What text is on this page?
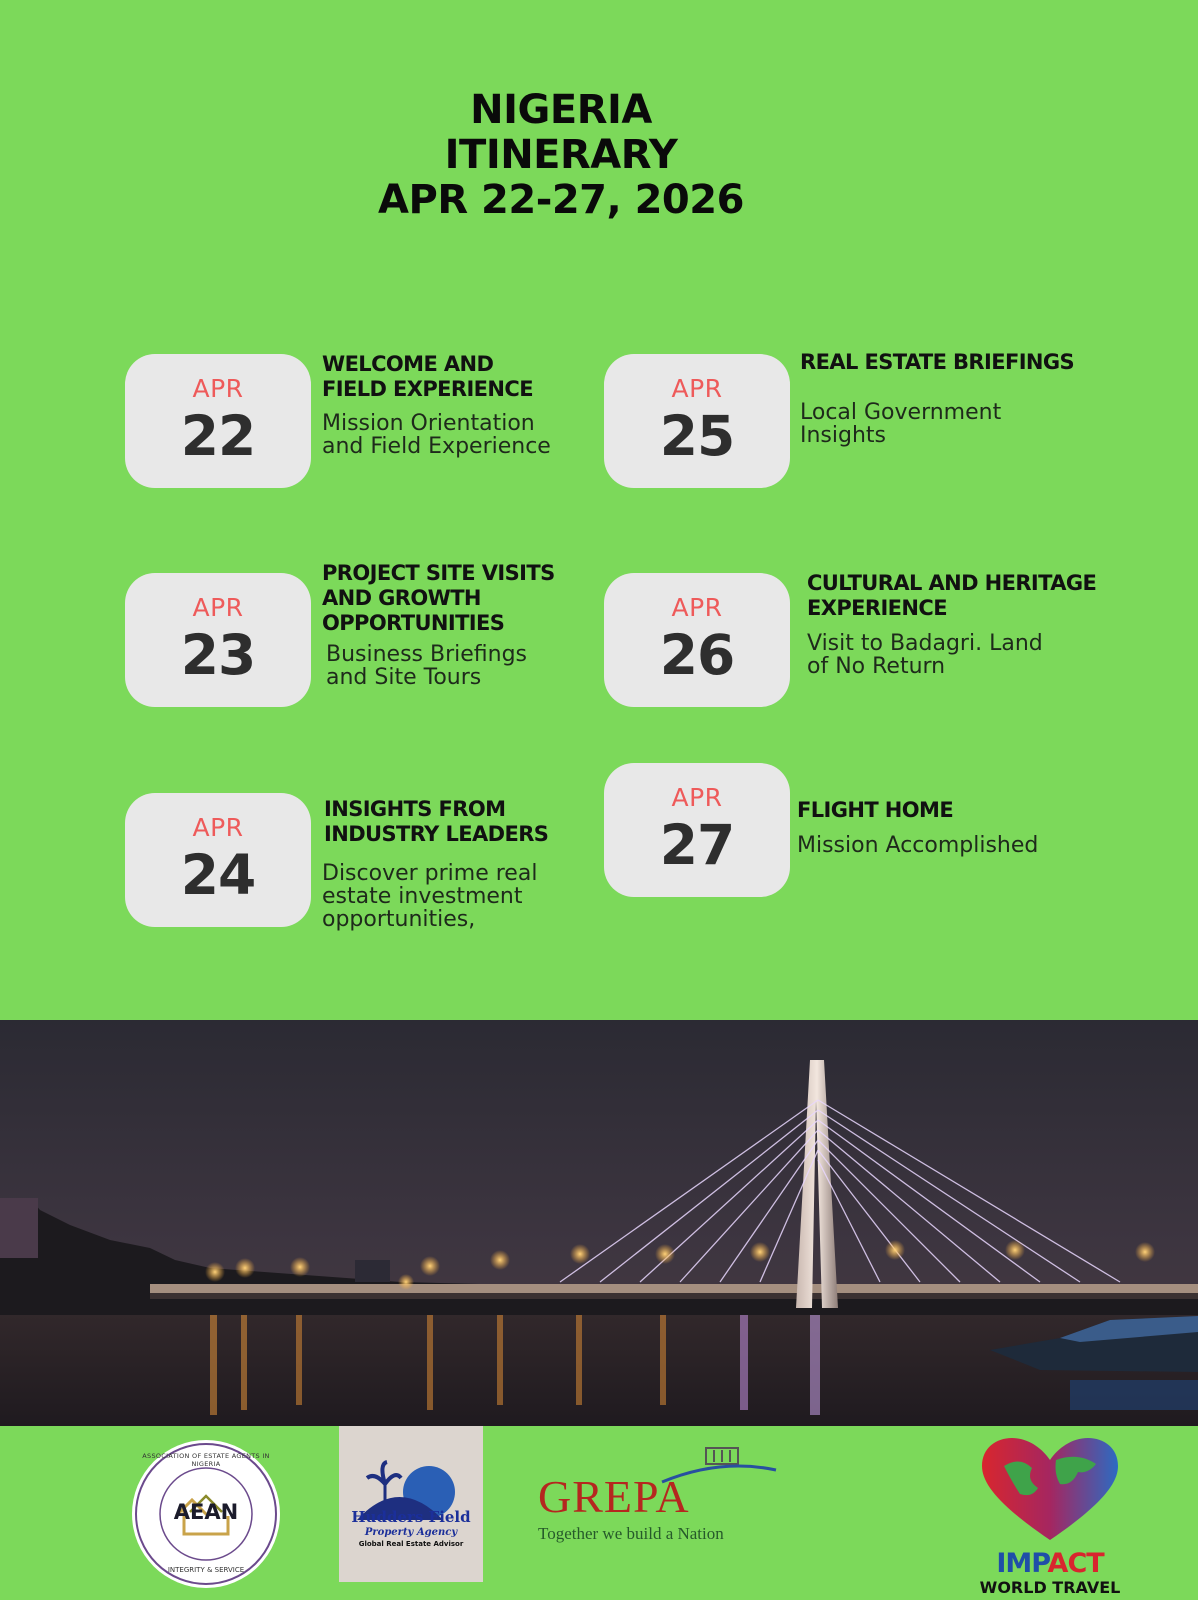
NIGERIA
ITINERARY
APR 22-27, 2026
APR
22
WELCOME AND
FIELD EXPERIENCE
Mission Orientation
and Field Experience
APR
23
PROJECT SITE VISITS
AND GROWTH
OPPORTUNITIES
Business Briefings
and Site Tours
APR
24
INSIGHTS FROM
INDUSTRY LEADERS
Discover prime real
estate investment
opportunities,
APR
25
REAL ESTATE BRIEFINGS
Local Government
Insights
APR
26
CULTURAL AND HERITAGE
EXPERIENCE
Visit to Badagri. Land
of No Return
APR
27
FLIGHT HOME
Mission Accomplished
AEAN
ASSOCIATION OF ESTATE AGENTS IN NIGERIA
INTEGRITY & SERVICE
Hudders Field
Property Agency
Global Real Estate Advisor
GREPA
Together we build a Nation
IMPACT
WORLD TRAVEL
